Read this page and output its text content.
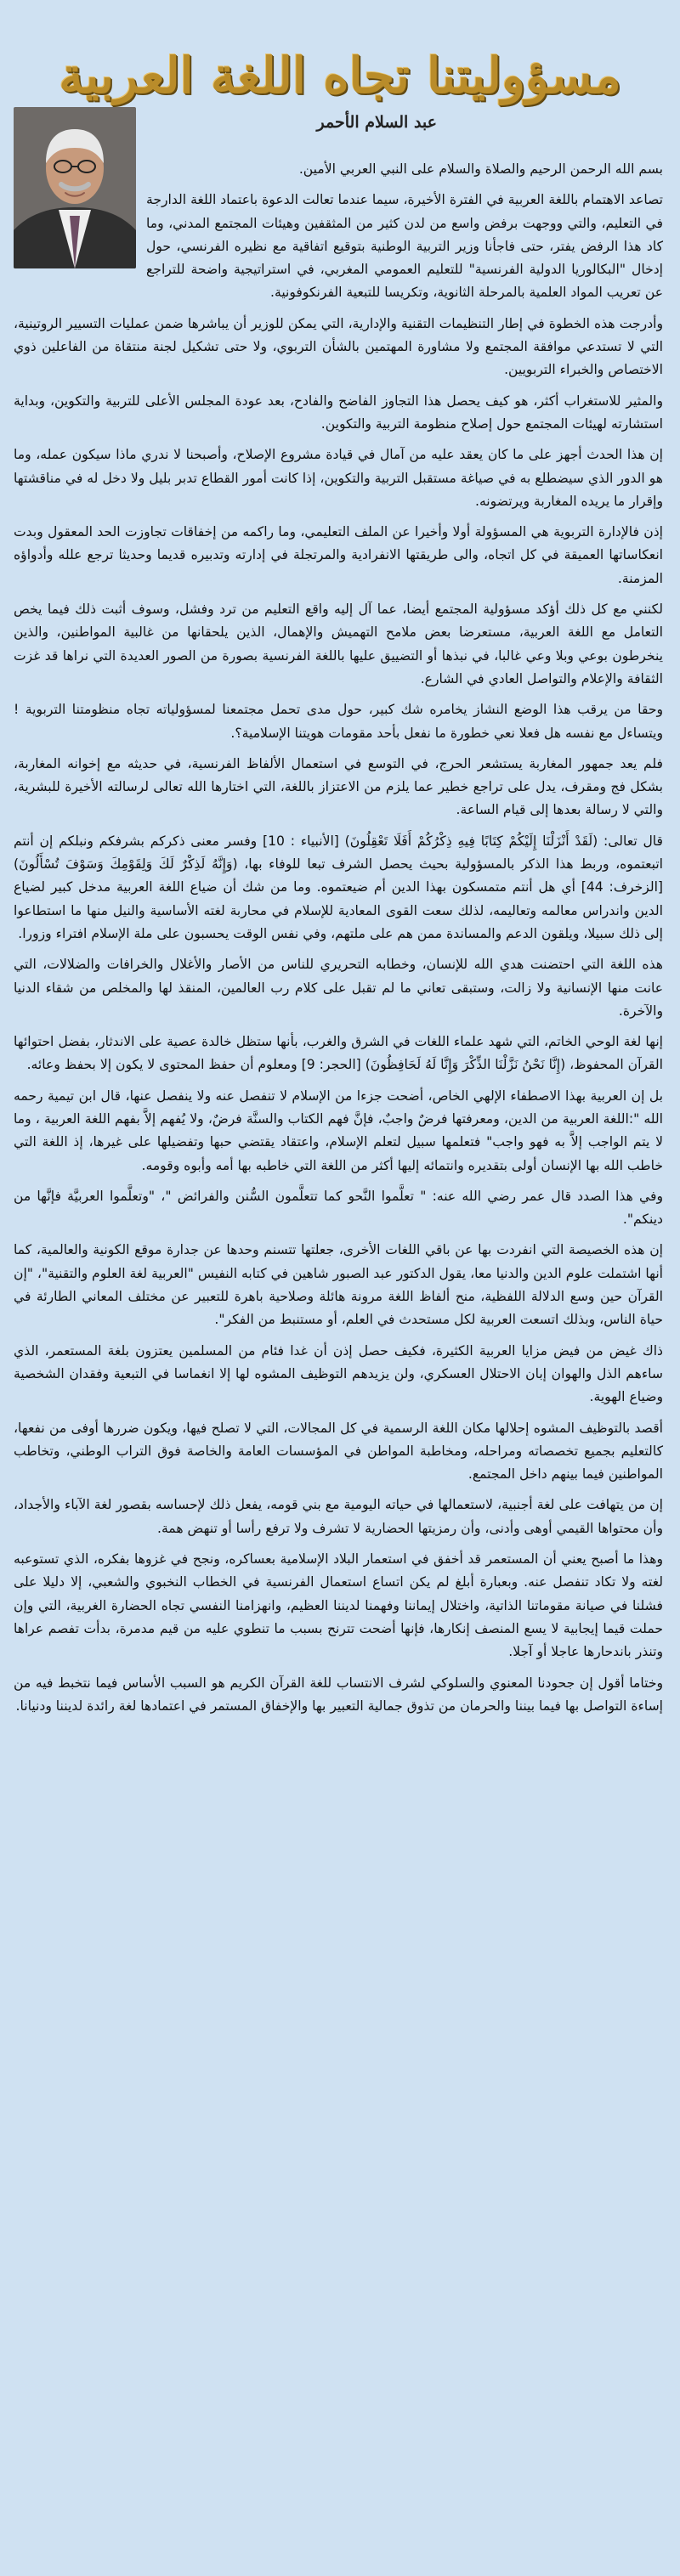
مسؤوليتنا تجاه اللغة العربية
عبد السلام الأحمر

بسم الله الرحمن الرحيم والصلاة والسلام على النبي العربي الأمين.

تصاعد الاهتمام باللغة العربية في الفترة الأخيرة، سيما عندما تعالت الدعوة باعتماد اللغة الدارجة في التعليم، والتي ووجهت برفض واسع من لدن كثير من المثقفين وهيئات المجتمع المدني، وما كاد هذا الرفض يفتر، حتى فاجأنا وزير التربية الوطنية بتوقيع اتفاقية مع نظيره الفرنسي، حول إدخال "البكالوريا الدولية الفرنسية" للتعليم العمومي المغربي، في استراتيجية واضحة للتراجع عن تعريب المواد العلمية بالمرحلة الثانوية، وتكريسا للتبعية الفرنكوفونية.

وأدرجت هذه الخطوة في إطار التنظيمات التقنية والإدارية، التي يمكن للوزير أن يباشرها ضمن عمليات التسيير الروتينية، التي لا تستدعي موافقة المجتمع ولا مشاورة المهتمين بالشأن التربوي، ولا حتى تشكيل لجنة منتقاة من الفاعلين ذوي الاختصاص والخبراء التربويين.

والمثير للاستغراب أكثر، هو كيف يحصل هذا التجاوز الفاضح والفادح، بعد عودة المجلس الأعلى للتربية والتكوين، وبداية استشارته لهيئات المجتمع حول إصلاح منظومة التربية والتكوين.

إن هذا الحدث أجهز على ما كان يعقد عليه من آمال في قيادة مشروع الإصلاح، وأصبحنا لا ندري ماذا سيكون عمله، وما هو الدور الذي سيضطلع به في صياغة مستقبل التربية والتكوين، إذا كانت أمور القطاع تدبر بليل ولا دخل له في مناقشتها وإقرار ما يريده المغاربة ويرتضونه.

إذن فالإدارة التربوية هي المسؤولة أولا وأخيرا عن الملف التعليمي، وما راكمه من إخفاقات تجاوزت الحد المعقول وبدت انعكاساتها العميقة في كل اتجاه، والى طريقتها الانفرادية والمرتجلة في إدارته وتدبيره قديما وحديثا ترجع علله وأدواؤه المزمنة.

لكنني مع كل ذلك أؤكد مسؤولية المجتمع أيضا، عما آل إليه واقع التعليم من ترد وفشل، وسوف أثبت ذلك فيما يخص التعامل مع اللغة العربية، مستعرضا بعض ملامح التهميش والإهمال، الذين يلحقانها من غالبية المواطنين، والذين ينخرطون بوعي وبلا وعي غالبا، في نبذها أو التضييق عليها باللغة الفرنسية بصورة من الصور العديدة التي نراها قد غزت الثقافة والإعلام والتواصل العادي في الشارع.

وحقا من يرقب هذا الوضع النشاز يخامره شك كبير، حول مدى تحمل مجتمعنا لمسؤولياته تجاه منظومتنا التربوية ! ويتساءل مع نفسه هل فعلا نعي خطورة ما نفعل بأحد مقومات هويتنا الإسلامية؟.

فلم يعد جمهور المغاربة يستشعر الحرج، في التوسع في استعمال الألفاظ الفرنسية، في حديثه مع إخوانه المغاربة، بشكل فج ومقرف، يدل على تراجع خطير عما يلزم من الاعتزاز باللغة، التي اختارها الله تعالى لرسالته الأخيرة للبشرية، والتي لا رسالة بعدها إلى قيام الساعة.

قال تعالى: (لَقَدْ أَنْزَلْنَا إِلَيْكُمْ كِتَابًا فِيهِ ذِكْرُكُمْ أَفَلَا تَعْقِلُونَ) [الأنبياء : 10] وفسر معنى ذكركم بشرفكم ونبلكم إن أنتم اتبعتموه، وربط هذا الذكر بالمسؤولية بحيث يحصل الشرف تبعا للوفاء بها، (وَإِنَّهُ لَذِكْرٌ لَكَ وَلِقَوْمِكَ وَسَوْفَ تُسْأَلُونَ) [الزخرف: 44] أي هل أنتم متمسكون بهذا الدين أم ضيعتموه. وما من شك أن ضياع اللغة العربية مدخل كبير لضياع الدين واندراس معالمه وتعاليمه، لذلك سعت القوى المعادية للإسلام في محاربة لغته الأساسية والنيل منها ما استطاعوا إلى ذلك سبيلا، ويلقون الدعم والمساندة ممن هم على ملتهم، وفي نفس الوقت يحسبون على ملة الإسلام افتراء وزورا.

هذه اللغة التي احتضنت هدي الله للإنسان، وخطابه التحريري للناس من الأصار والأغلال والخرافات والضلالات، التي عانت منها الإنسانية ولا زالت، وستبقى تعاني ما لم تقبل على كلام رب العالمين، المنقذ لها والمخلص من شقاء الدنيا والآخرة.

إنها لغة الوحي الخاتم، التي شهد علماء اللغات في الشرق والغرب، بأنها ستظل خالدة عصية على الاندثار، بفضل احتوائها القرآن المحفوظ، (إِنَّا نَحْنُ نَزَّلْنَا الذِّكْرَ وَإِنَّا لَهُ لَحَافِظُونَ) [الحجر: 9] ومعلوم أن حفظ المحتوى لا يكون إلا بحفظ وعائه.

بل إن العربية بهذا الاصطفاء الإلهي الخاص، أضحت جزءا من الإسلام لا تنفصل عنه ولا ينفصل عنها، قال ابن تيمية رحمه الله ":اللغة العربية من الدين، ومعرفتها فرضٌ واجبٌ، فإنَّ فهم الكتاب والسنَّة فرضٌ، ولا يُفهم إلاَّ بفهم اللغة العربية ، وما لا يتم الواجب إلاَّ به فهو واجب" فتعلمها سبيل لتعلم الإسلام، واعتقاد يقتضي حبها وتفضيلها على غيرها، إذ اللغة التي خاطب الله بها الإنسان أولى بتقديره وانتمائه إليها أكثر من اللغة التي خاطبه بها أمه وأبوه وقومه.

وفي هذا الصدد قال عمر رضي الله عنه: " تعلَّموا النَّحو كما تتعلَّمون السُّنن والفرائض "، "وتعلَّموا العربيَّة فإنَّها من دينكم".

إن هذه الخصيصة التي انفردت بها عن باقي اللغات الأخرى، جعلتها تتسنم وحدها عن جدارة موقع الكونية والعالمية، كما أنها اشتملت علوم الدين والدنيا معا، يقول الدكتور عبد الصبور شاهين في كتابه النفيس "العربية لغة العلوم والتقنية"، "إن القرآن حين وسع الدلالة اللفظية، منح ألفاظ اللغة مرونة هائلة وصلاحية باهرة للتعبير عن مختلف المعاني الطارئة في حياة الناس، وبذلك اتسعت العربية لكل مستحدث في العلم، أو مستنبط من الفكر".

ذاك غيض من فيض مزايا العربية الكثيرة، فكيف حصل إذن أن غدا فئام من المسلمين يعتزون بلغة المستعمر، الذي ساءهم الذل والهوان إبان الاحتلال العسكري، ولن يزيدهم التوظيف المشوه لها إلا انغماسا في التبعية وفقدان الشخصية وضياع الهوية.

أقصد بالتوظيف المشوه إحلالها مكان اللغة الرسمية في كل المجالات، التي لا تصلح فيها، ويكون ضررها أوفى من نفعها، كالتعليم بجميع تخصصاته ومراحله، ومخاطبة المواطن في المؤسسات العامة والخاصة فوق التراب الوطني، وتخاطب المواطنين فيما بينهم داخل المجتمع.

إن من يتهافت على لغة أجنبية، لاستعمالها في حياته اليومية مع بني قومه، يفعل ذلك لإحساسه بقصور لغة الآباء والأجداد، وأن محتواها القيمي أوهى وأدنى، وأن رمزيتها الحضارية لا تشرف ولا ترفع رأسا أو تنهض همة.

وهذا ما أصبح يعني أن المستعمر قد أخفق في استعمار البلاد الإسلامية بعساكره، ونجح في غزوها بفكره، الذي تستوعبه لغته ولا تكاد تنفصل عنه. وبعبارة أبلغ لم يكن اتساع استعمال الفرنسية في الخطاب النخبوي والشعبي، إلا دليلا على فشلنا في صيانة مقوماتنا الذاتية، واختلال إيماننا وفهمنا لديننا العظيم، وانهزامنا النفسي تجاه الحضارة الغربية، التي وإن حملت قيما إيجابية لا يسع المنصف إنكارها، فإنها أضحت تترنح بسبب ما تنطوي عليه من قيم مدمرة، بدأت تفصم عراها وتنذر باندحارها عاجلا أو آجلا.

وختاما أقول إن جحودنا المعنوي والسلوكي لشرف الانتساب للغة القرآن الكريم هو السبب الأساس فيما نتخبط فيه من إساءة التواصل بها فيما بيننا والحرمان من تذوق جمالية التعبير بها والإخفاق المستمر في اعتمادها لغة رائدة لديننا ودنيانا.
